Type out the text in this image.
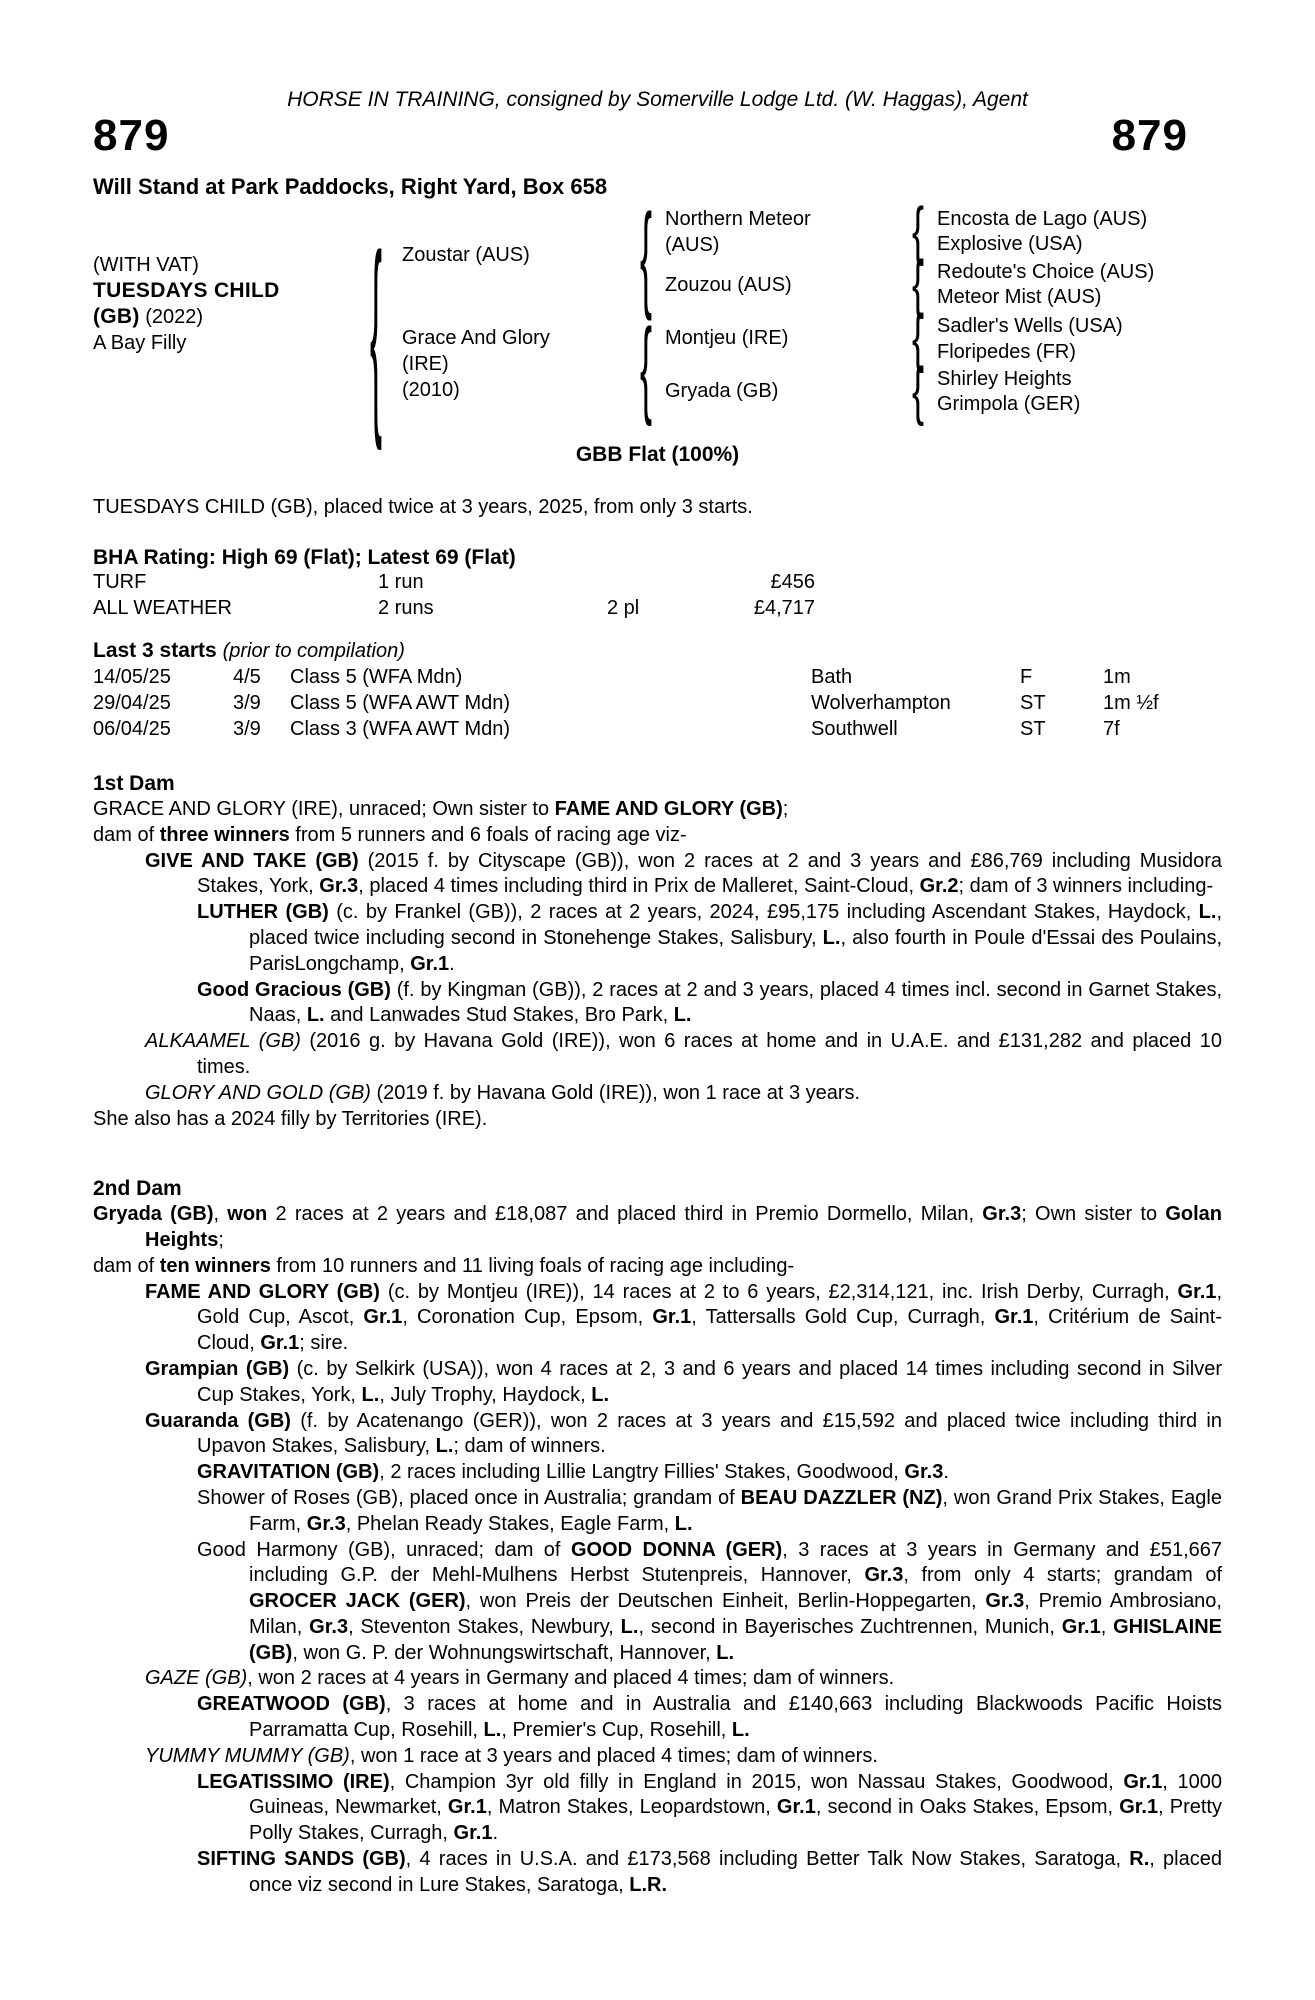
HORSE IN TRAINING, consigned by Somerville Lodge Ltd. (W. Haggas), Agent
879	879
Will Stand at Park Paddocks, Right Yard, Box 658
(WITH VAT)
TUESDAYS CHILD
(GB) (2022)
A Bay Filly	{	{
{
{
{
{
{
Zoustar (AUS)
Grace And Glory
(IRE)
(2010)
Northern Meteor
(AUS)
Zouzou (AUS)
Montjeu (IRE)
Gryada (GB)
Encosta de Lago (AUS)
Explosive (USA)
Redoute's Choice (AUS)
Meteor Mist (AUS)
Sadler's Wells (USA)
Floripedes (FR)
Shirley Heights
Grimpola (GER)
GBB Flat (100%)
TUESDAYS CHILD (GB), placed twice at 3 years, 2025, from only 3 starts.
BHA Rating: High 69 (Flat); Latest 69 (Flat)
TURF	1 run	£456
ALL WEATHER	2 runs	2 pl	£4,717
Last 3 starts (prior to compilation)
14/05/25	4/5 Class 5 (WFA Mdn)	Bath	F	1m
29/04/25	3/9 Class 5 (WFA AWT Mdn)	Wolverhampton	ST	1m ½f
06/04/25	3/9 Class 3 (WFA AWT Mdn)	Southwell	ST	7f
1st Dam

GRACE AND GLORY (IRE), unraced; Own sister to FAME AND GLORY (GB);

dam of three winners from 5 runners and 6 foals of racing age viz-

GIVE AND TAKE (GB) (2015 f. by Cityscape (GB)), won 2 races at 2 and 3 years and £86,769 including Musidora Stakes, York, Gr.3, placed 4 times including third in Prix de Malleret, Saint-Cloud, Gr.2; dam of 3 winners including-

LUTHER (GB) (c. by Frankel (GB)), 2 races at 2 years, 2024, £95,175 including Ascendant Stakes, Haydock, L., placed twice including second in Stonehenge Stakes, Salisbury, L., also fourth in Poule d'Essai des Poulains, ParisLongchamp, Gr.1.

Good Gracious (GB) (f. by Kingman (GB)), 2 races at 2 and 3 years, placed 4 times incl. second in Garnet Stakes, Naas, L. and Lanwades Stud Stakes, Bro Park, L.

ALKAAMEL (GB) (2016 g. by Havana Gold (IRE)), won 6 races at home and in U.A.E. and £131,282 and placed 10 times.

GLORY AND GOLD (GB) (2019 f. by Havana Gold (IRE)), won 1 race at 3 years.

She also has a 2024 filly by Territories (IRE).

2nd Dam

Gryada (GB), won 2 races at 2 years and £18,087 and placed third in Premio Dormello, Milan, Gr.3; Own sister to Golan Heights;

dam of ten winners from 10 runners and 11 living foals of racing age including-

FAME AND GLORY (GB) (c. by Montjeu (IRE)), 14 races at 2 to 6 years, £2,314,121, inc. Irish Derby, Curragh, Gr.1, Gold Cup, Ascot, Gr.1, Coronation Cup, Epsom, Gr.1, Tattersalls Gold Cup, Curragh, Gr.1, Critérium de Saint-Cloud, Gr.1; sire.

Grampian (GB) (c. by Selkirk (USA)), won 4 races at 2, 3 and 6 years and placed 14 times including second in Silver Cup Stakes, York, L., July Trophy, Haydock, L.

Guaranda (GB) (f. by Acatenango (GER)), won 2 races at 3 years and £15,592 and placed twice including third in Upavon Stakes, Salisbury, L.; dam of winners.

GRAVITATION (GB), 2 races including Lillie Langtry Fillies' Stakes, Goodwood, Gr.3.

Shower of Roses (GB), placed once in Australia; grandam of BEAU DAZZLER (NZ), won Grand Prix Stakes, Eagle Farm, Gr.3, Phelan Ready Stakes, Eagle Farm, L.

Good Harmony (GB), unraced; dam of GOOD DONNA (GER), 3 races at 3 years in Germany and £51,667 including G.P. der Mehl-Mulhens Herbst Stutenpreis, Hannover, Gr.3, from only 4 starts; grandam of GROCER JACK (GER), won Preis der Deutschen Einheit, Berlin-Hoppegarten, Gr.3, Premio Ambrosiano, Milan, Gr.3, Steventon Stakes, Newbury, L., second in Bayerisches Zuchtrennen, Munich, Gr.1, GHISLAINE (GB), won G. P. der Wohnungswirtschaft, Hannover, L.

GAZE (GB), won 2 races at 4 years in Germany and placed 4 times; dam of winners.

GREATWOOD (GB), 3 races at home and in Australia and £140,663 including Blackwoods Pacific Hoists Parramatta Cup, Rosehill, L., Premier's Cup, Rosehill, L.

YUMMY MUMMY (GB), won 1 race at 3 years and placed 4 times; dam of winners.

LEGATISSIMO (IRE), Champion 3yr old filly in England in 2015, won Nassau Stakes, Goodwood, Gr.1, 1000 Guineas, Newmarket, Gr.1, Matron Stakes, Leopardstown, Gr.1, second in Oaks Stakes, Epsom, Gr.1, Pretty Polly Stakes, Curragh, Gr.1.

SIFTING SANDS (GB), 4 races in U.S.A. and £173,568 including Better Talk Now Stakes, Saratoga, R., placed once viz second in Lure Stakes, Saratoga, L.R.
